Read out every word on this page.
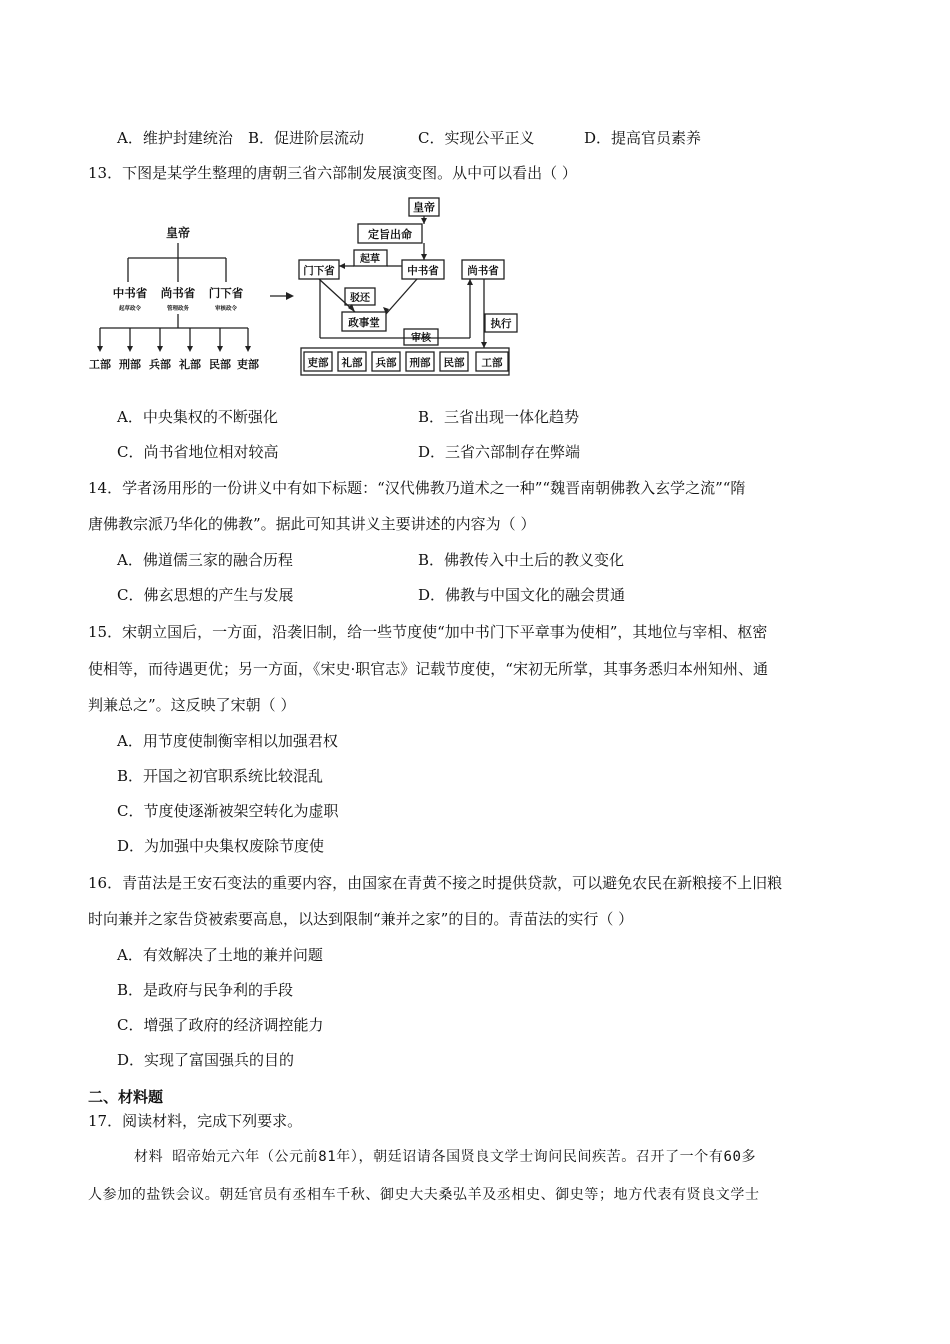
A．维护封建统治 B．促进阶层流动	C．实现公平正义	D．提高官员素养
13．下图是某学生整理的唐朝三省六部制发展演变图。从中可以看出（ ）
皇帝
中书省 尚书省 门下省
起草政令	管理政务	审核政令
工部 刑部 兵部 礼部 民部 吏部
皇帝
定旨出命
起草
门下省	中书省	尚书省
驳还
政事堂
审核
执行
吏部 礼部 兵部 刑部 民部 工部
A．中央集权的不断强化	B．三省出现一体化趋势
C．尚书省地位相对较高	D．三省六部制存在弊端
14．学者汤用彤的一份讲义中有如下标题：“汉代佛教乃道术之一种”“魏晋南朝佛教入玄学之流”“隋
唐佛教宗派乃华化的佛教”。据此可知其讲义主要讲述的内容为（ ）
A．佛道儒三家的融合历程	B．佛教传入中土后的教义变化
C．佛玄思想的产生与发展	D．佛教与中国文化的融会贯通
15．宋朝立国后，一方面，沿袭旧制，给一些节度使“加中书门下平章事为使相”，其地位与宰相、枢密
使相等，而待遇更优；另一方面，《宋史·职官志》记载节度使，“宋初无所掌，其事务悉归本州知州、通
判兼总之”。这反映了宋朝（ ）
A．用节度使制衡宰相以加强君权
B．开国之初官职系统比较混乱
C．节度使逐渐被架空转化为虚职
D．为加强中央集权废除节度使
16．青苗法是王安石变法的重要内容，由国家在青黄不接之时提供贷款，可以避免农民在新粮接不上旧粮
时向兼并之家告贷被索要高息，以达到限制“兼并之家”的目的。青苗法的实行（ ）
A．有效解决了土地的兼并问题
B．是政府与民争利的手段
C．增强了政府的经济调控能力
D．实现了富国强兵的目的
二、材料题
17．阅读材料，完成下列要求。
材料 昭帝始元六年（公元前81年），朝廷诏请各国贤良文学士询问民间疾苦。召开了一个有60多
人参加的盐铁会议。朝廷官员有丞相车千秋、御史大夫桑弘羊及丞相史、御史等；地方代表有贤良文学士
